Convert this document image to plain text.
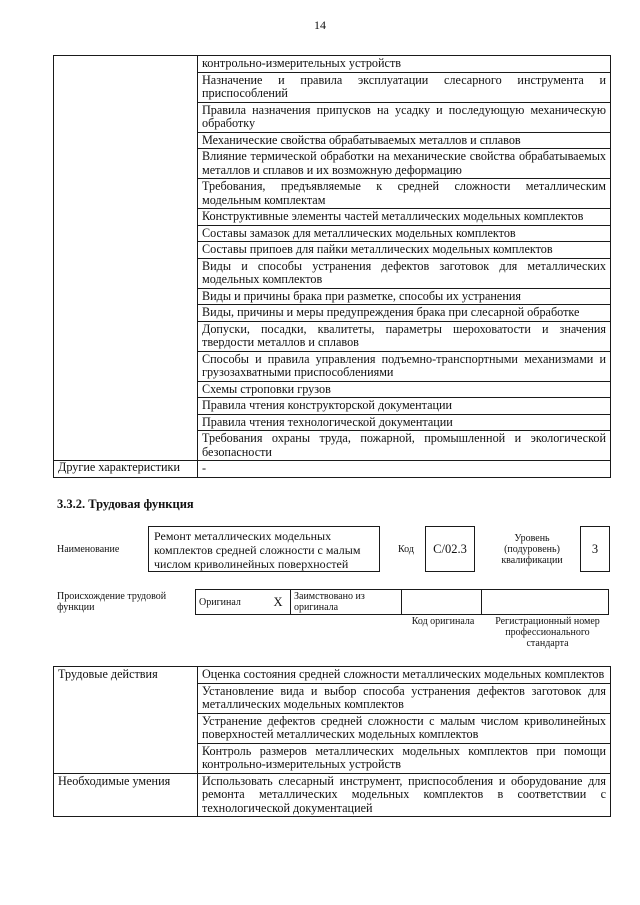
14
	контрольно-измерительных устройств
	Назначение и правила эксплуатации слесарного инструмента и приспособлений
	Правила назначения припусков на усадку и последующую механическую обработку
	Механические свойства обрабатываемых металлов и сплавов
	Влияние термической обработки на механические свойства обрабатываемых металлов и сплавов и их возможную деформацию
	Требования, предъявляемые к средней сложности металлическим модельным комплектам
	Конструктивные элементы частей металлических модельных комплектов
	Составы замазок для металлических модельных комплектов
	Составы припоев для пайки металлических модельных комплектов
	Виды и способы устранения дефектов заготовок для металлических модельных комплектов
	Виды и причины брака при разметке, способы их устранения
	Виды, причины и меры предупреждения брака при слесарной обработке
	Допуски, посадки, квалитеты, параметры шероховатости и значения твердости металлов и сплавов
	Способы и правила управления подъемно-транспортными механизмами и грузозахватными приспособлениями
	Схемы строповки грузов
	Правила чтения конструкторской документации
	Правила чтения технологической документации
	Требования охраны труда, пожарной, промышленной и экологической безопасности
Другие характеристики	-
3.3.2. Трудовая функция
Наименование
Ремонт металлических модельных комплектов средней сложности с малым числом криволинейных поверхностей
Код	С/02.3
Уровень (подуровень) квалификации
3
Происхождение трудовой функции	Оригинал	X	Заимствовано из оригинала		
Код оригинала	Регистрационный номер профессионального стандарта
Трудовые действия	Оценка состояния средней сложности металлических модельных комплектов
	Установление вида и выбор способа устранения дефектов заготовок для металлических модельных комплектов
	Устранение дефектов средней сложности с малым числом криволинейных поверхностей металлических модельных комплектов
	Контроль размеров металлических модельных комплектов при помощи контрольно-измерительных устройств
Необходимые умения	Использовать слесарный инструмент, приспособления и оборудование для ремонта металлических модельных комплектов в соответствии с технологической документацией
